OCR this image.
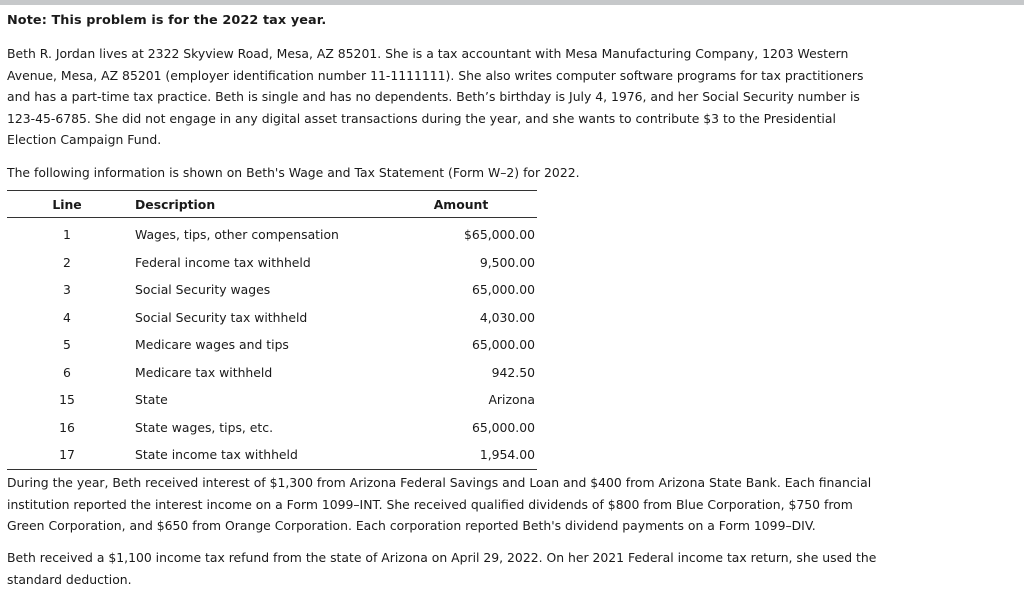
Note: This problem is for the 2022 tax year.

Beth R. Jordan lives at 2322 Skyview Road, Mesa, AZ 85201. She is a tax accountant with Mesa Manufacturing Company, 1203 Western Avenue, Mesa, AZ 85201 (employer identification number 11-1111111). She also writes computer software programs for tax practitioners and has a part-time tax practice. Beth is single and has no dependents. Beth’s birthday is July 4, 1976, and her Social Security number is 123-45-6785. She did not engage in any digital asset transactions during the year, and she wants to contribute $3 to the Presidential Election Campaign Fund.

The following information is shown on Beth's Wage and Tax Statement (Form W–2) for 2022.

Line	Description	Amount
1	Wages, tips, other compensation	$65,000.00
2	Federal income tax withheld	9,500.00
3	Social Security wages	65,000.00
4	Social Security tax withheld	4,030.00
5	Medicare wages and tips	65,000.00
6	Medicare tax withheld	942.50
15	State	Arizona
16	State wages, tips, etc.	65,000.00
17	State income tax withheld	1,954.00

During the year, Beth received interest of $1,300 from Arizona Federal Savings and Loan and $400 from Arizona State Bank. Each financial institution reported the interest income on a Form 1099–INT. She received qualified dividends of $800 from Blue Corporation, $750 from Green Corporation, and $650 from Orange Corporation. Each corporation reported Beth's dividend payments on a Form 1099–DIV.

Beth received a $1,100 income tax refund from the state of Arizona on April 29, 2022. On her 2021 Federal income tax return, she used the standard deduction.
